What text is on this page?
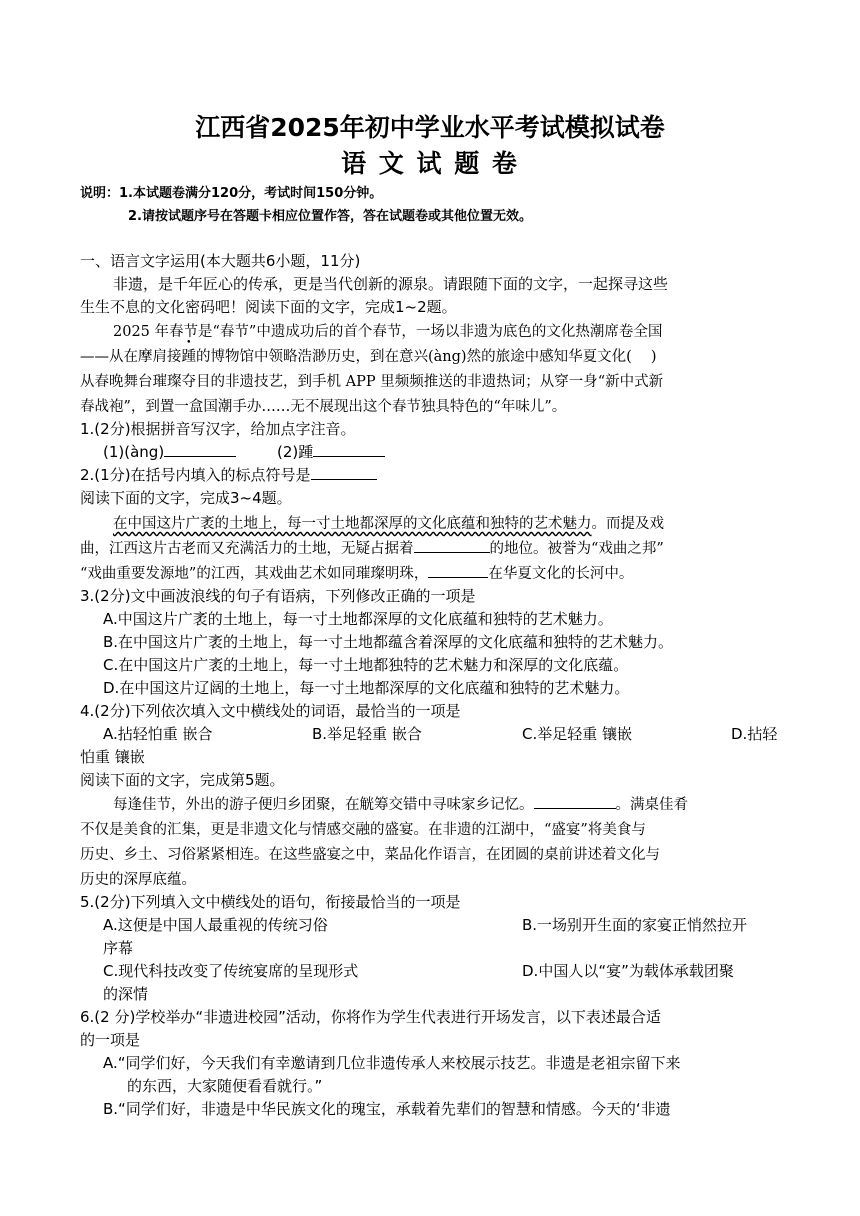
江西省2025年初中学业水平考试模拟试卷
语 文 试 题 卷
说明：1.本试题卷满分120分，考试时间150分钟。
2.请按试题序号在答题卡相应位置作答，答在试题卷或其他位置无效。
一、语言文字运用(本大题共6小题，11分)
非遗，是千年匠心的传承，更是当代创新的源泉。请跟随下面的文字，一起探寻这些
生生不息的文化密码吧！阅读下面的文字，完成1~2题。
2025 年春节是“春节”中遗成功后的首个春节，一场以非遗为底色的文化热潮席卷全国
——从在摩肩接踵的博物馆中领略浩渺历史，到在意兴(àng)然的旅途中感知华夏文化(　 )
从春晚舞台璀璨夺目的非遗技艺，到手机 APP 里频频推送的非遗热词；从穿一身“新中式新
春战袍”，到置一盒国潮手办……无不展现出这个春节独具特色的“年味儿”。
1.(2分)根据拼音写汉字，给加点字注音。
(1)(àng)	(2)踵
2.(1分)在括号内填入的标点符号是
阅读下面的文字，完成3~4题。
在中国这片广袤的土地上，每一寸土地都深厚的文化底蕴和独特的艺术魅力。而提及戏
曲，江西这片古老而又充满活力的土地，无疑占据着	的地位。被誉为“戏曲之邦”
“戏曲重要发源地”的江西，其戏曲艺术如同璀璨明珠，	在华夏文化的长河中。
3.(2分)文中画波浪线的句子有语病，下列修改正确的一项是
A.中国这片广袤的土地上，每一寸土地都深厚的文化底蕴和独特的艺术魅力。
B.在中国这片广袤的土地上，每一寸土地都蕴含着深厚的文化底蕴和独特的艺术魅力。
C.在中国这片广袤的土地上，每一寸土地都独特的艺术魅力和深厚的文化底蕴。
D.在中国这片辽阔的土地上，每一寸土地都深厚的文化底蕴和独特的艺术魅力。
4.(2分)下列依次填入文中横线处的词语，最恰当的一项是
A.拈轻怕重 嵌合	B.举足轻重 嵌合	C.举足轻重 镶嵌	D.拈轻
怕重 镶嵌
阅读下面的文字，完成第5题。
每逢佳节，外出的游子便归乡团聚，在觥筹交错中寻味家乡记忆。	。满桌佳肴
不仅是美食的汇集，更是非遗文化与情感交融的盛宴。在非遗的江湖中，“盛宴”将美食与
历史、乡土、习俗紧紧相连。在这些盛宴之中，菜品化作语言，在团圆的桌前讲述着文化与
历史的深厚底蕴。
5.(2分)下列填入文中横线处的语句，衔接最恰当的一项是
A.这便是中国人最重视的传统习俗	B.一场别开生面的家宴正悄然拉开
序幕
C.现代科技改变了传统宴席的呈现形式	D.中国人以“宴”为载体承载团聚
的深情
6.(2 分)学校举办“非遗进校园”活动，你将作为学生代表进行开场发言，以下表述最合适
的一项是
A.“同学们好，今天我们有幸邀请到几位非遗传承人来校展示技艺。非遗是老祖宗留下来
的东西，大家随便看看就行。”
B.“同学们好，非遗是中华民族文化的瑰宝，承载着先辈们的智慧和情感。今天的‘非遗
